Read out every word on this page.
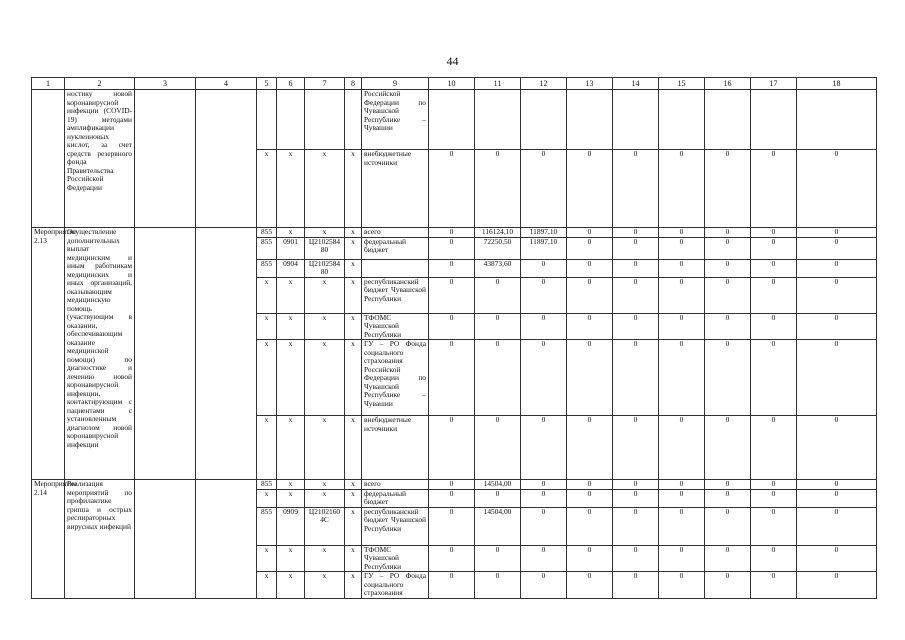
44
1	2	3	4	5	6	7	8	9	10	11	12	13	14	15	16	17	18
	ностику новой коронавирусной инфекции (COVID-19) методами амплификации нуклеиновых кислот, за счет средств резервного фонда Правительства Российской Федерации							Российской Федерации по Чувашской Республике – Чувашии									
				х	х	х	х	внебюджетные источники	0	0	0	0	0	0	0	0	0
Мероприятие 2.13	Осуществление дополнительных выплат медицинским и иным работникам медицинских и иных организаций, оказывающим медицинскую помощь (участвующим в оказании, обеспечивающим оказание медицинской помощи) по диагностике и лечению новой коронавирусной инфекции, контактирующим с пациентами с установленным диагнозом новой коронавирусной инфекции			855	х	х	х	всего	0	116124,10	11897,10	0	0	0	0	0	0
				855	0901	Ц2102584 80	х	федеральный бюджет	0	72250,50	11897,10	0	0	0	0	0	0
				855	0904	Ц2102584 80	х		0	43873,60	0	0	0	0	0	0	0
				х	х	х	х	республиканский бюджет Чувашской Республики	0	0	0	0	0	0	0	0	0
				х	х	х	х	ТФОМС Чувашской Республики	0	0	0	0	0	0	0	0	0
				х	х	х	х	ГУ – РО Фонда социального страхования Российской Федерации по Чувашской Республике – Чувашии	0	0	0	0	0	0	0	0	0
				х	х	х	х	внебюджетные источники	0	0	0	0	0	0	0	0	0
Мероприятие 2.14	Реализация мероприятий по профилактике гриппа и острых респираторных вирусных инфекций			855	х	х	х	всего	0	14504,00	0	0	0	0	0	0	0
				х	х	х	х	федеральный бюджет	0	0	0	0	0	0	0	0	0
				855	0909	Ц2102160 4С	х	республиканский бюджет Чувашской Республики	0	14504,00	0	0	0	0	0	0	0
				х	х	х	х	ТФОМС Чувашской Республики	0	0	0	0	0	0	0	0	0
				х	х	х	х	ГУ – РО Фонда социального страхования	0	0	0	0	0	0	0	0	0
